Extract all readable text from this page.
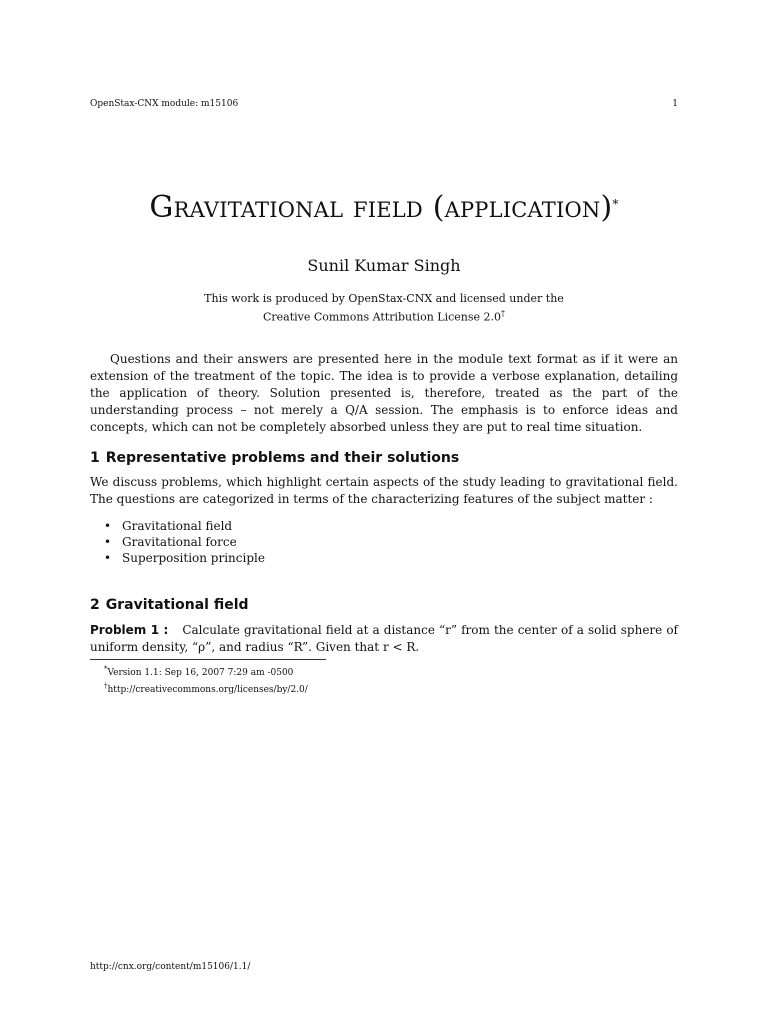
OpenStax-CNX module: m15106	1
Gravitational field (application)*
Sunil Kumar Singh
This work is produced by OpenStax-CNX and licensed under the
Creative Commons Attribution License 2.0†

Questions and their answers are presented here in the module text format as if it were an extension of the treatment of the topic. The idea is to provide a verbose explanation, detailing the application of theory. Solution presented is, therefore, treated as the part of the understanding process – not merely a Q/A session. The emphasis is to enforce ideas and concepts, which can not be completely absorbed unless they are put to real time situation.

1 Representative problems and their solutions

We discuss problems, which highlight certain aspects of the study leading to gravitational field. The questions are categorized in terms of the characterizing features of the subject matter :

• Gravitational field
• Gravitational force
• Superposition principle
2 Gravitational field

Problem 1 : Calculate gravitational field at a distance “r” from the center of a solid sphere of uniform density, “ρ”, and radius “R”. Given that r < R.

*Version 1.1: Sep 16, 2007 7:29 am -0500
†http://creativecommons.org/licenses/by/2.0/
http://cnx.org/content/m15106/1.1/
